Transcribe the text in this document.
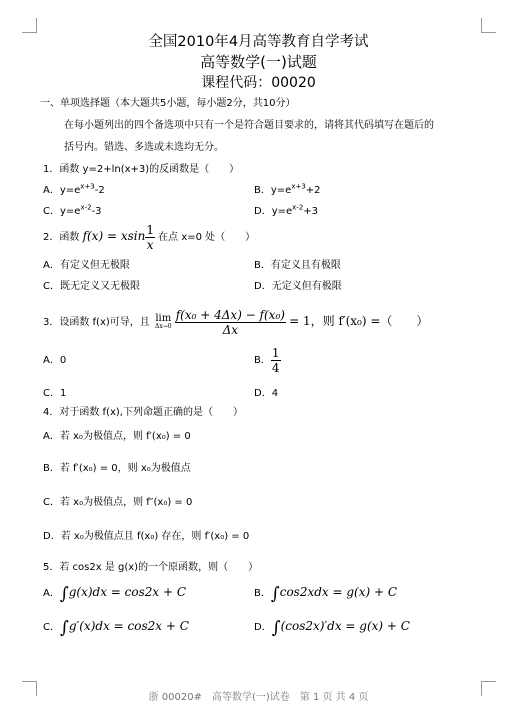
全国2010年4月高等教育自学考试
高等数学(一)试题
课程代码：00020
一、单项选择题（本大题共5小题，每小题2分，共10分）
在每小题列出的四个备选项中只有一个是符合题目要求的，请将其代码填写在题后的
括号内。错选、多选或未选均无分。
1．函数 y=2+ln(x+3)的反函数是（　　）
A．$y=e^{x+3}-2$	B．$y=e^{x+3}+2$
C．$y=e^{x-2}-3$	D．$y=e^{x-2}+3$
2．函数 f(x) = xsin $\frac{1}{x}$ 在点 x=0 处（　　）
A．有定义但无极限	B．有定义且有极限
C．既无定义又无极限	D．无定义但有极限
3．设函数 f(x)可导，且 lim
Δx→0
$\frac{\text{f(x₀ + 4Δx) − f(x₀)}}{\Delta x} = 1$，则 f′(x₀) =（　　）
A．0	B． $\frac{1}{4}$
C．1	D．4
4．对于函数 f(x),下列命题正确的是（　　）
A．若 x₀为极值点，则 f′(x₀) = 0
B．若 f′(x₀) = 0，则 x₀为极值点
C．若 x₀为极值点，则 f″(x₀) = 0
D．若 x₀为极值点且 f(x₀) 存在，则 f′(x₀) = 0
5．若 cos2x 是 g(x)的一个原函数，则（　　）
A．∫g(x)dx = cos2x + C	B．∫cos2xdx = g(x) + C
C．∫g′(x)dx = cos2x + C	D．∫(cos2x)′dx = g(x) + C
浙 00020#　高等数学(一)试卷　第 1 页 共 4 页
